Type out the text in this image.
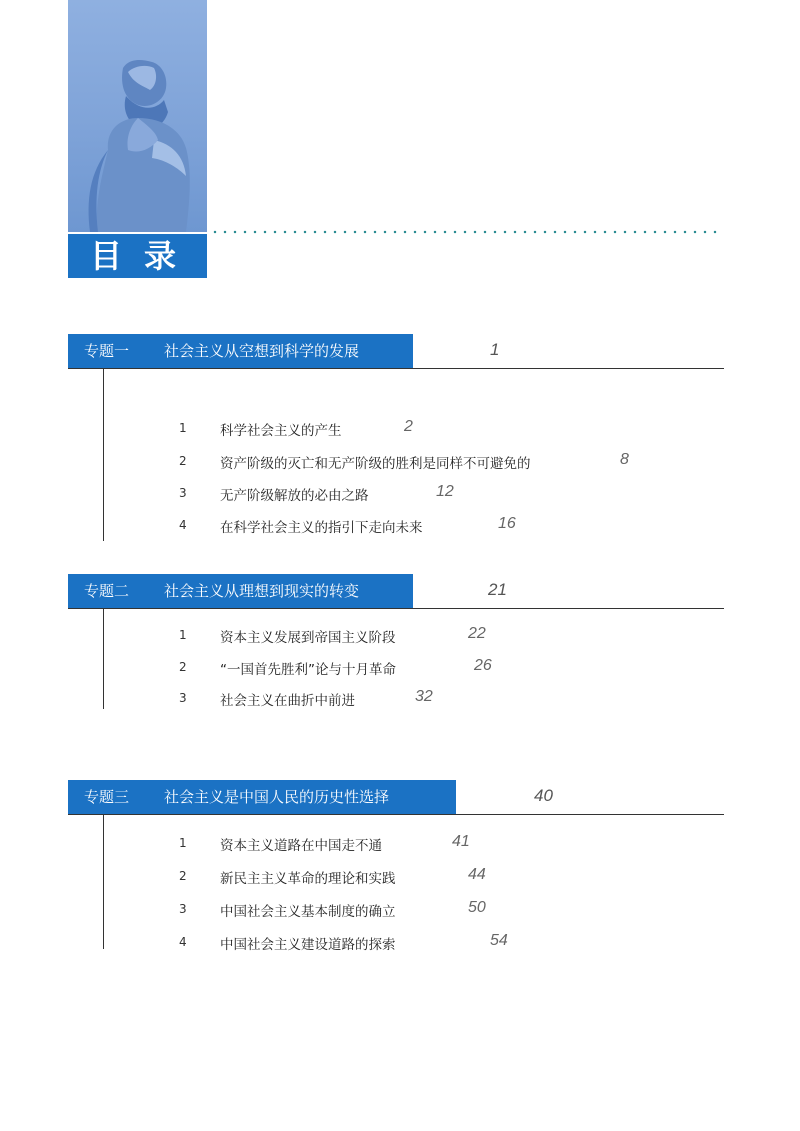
目录
专题一 社会主义从空想到科学的发展	1
1 科学社会主义的产生	2
2 资产阶级的灭亡和无产阶级的胜利是同样不可避免的	8
3 无产阶级解放的必由之路	12
4 在科学社会主义的指引下走向未来	16
专题二 社会主义从理想到现实的转变	21
1 资本主义发展到帝国主义阶段	22
2 “一国首先胜利”论与十月革命	26
3 社会主义在曲折中前进	32
专题三 社会主义是中国人民的历史性选择	40
1 资本主义道路在中国走不通	41
2 新民主主义革命的理论和实践	44
3 中国社会主义基本制度的确立	50
4 中国社会主义建设道路的探索	54
